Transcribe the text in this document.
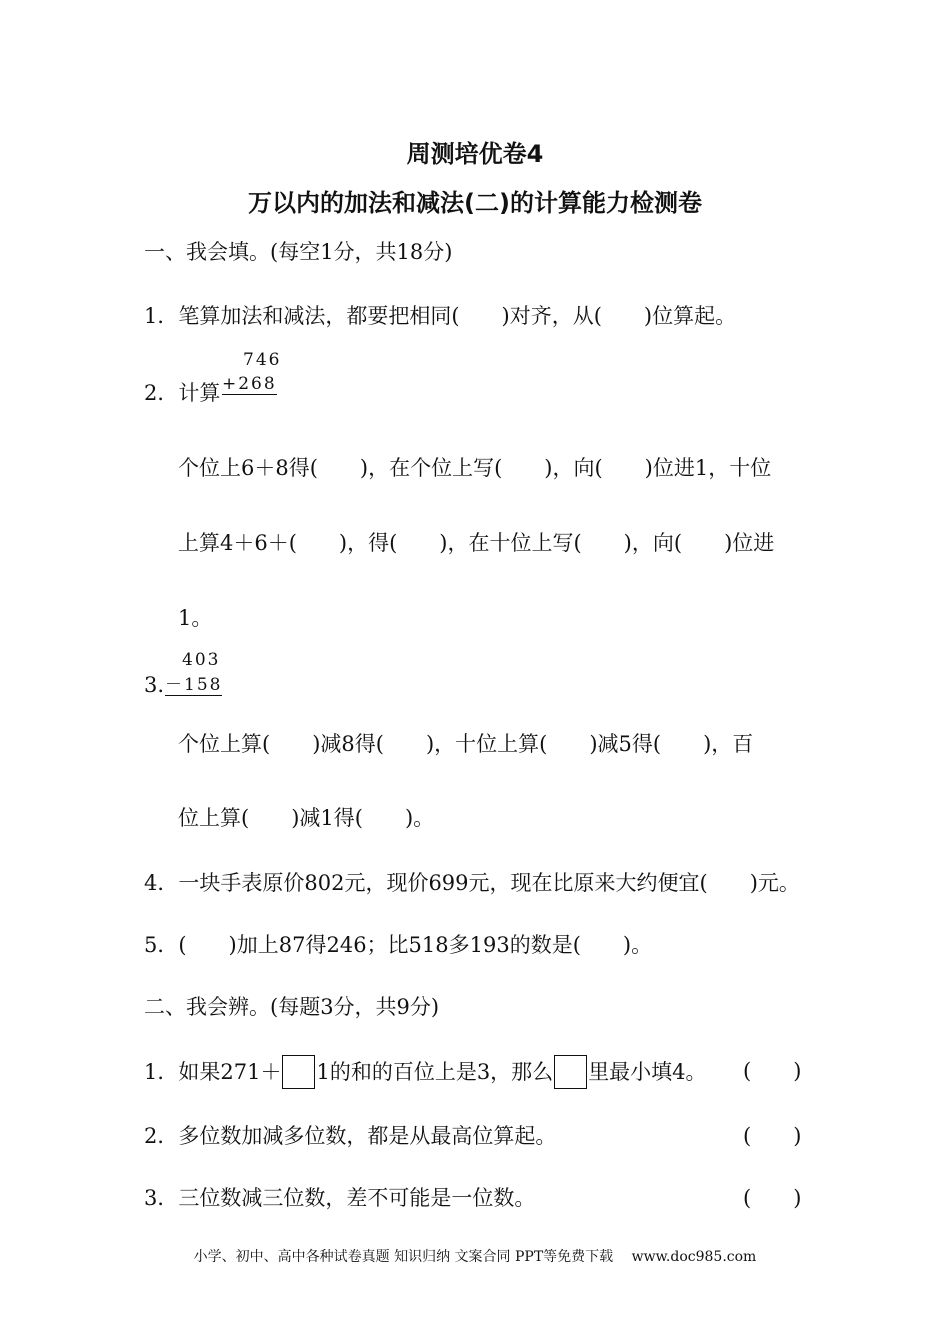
周测培优卷4
万以内的加法和减法(二)的计算能力检测卷
一、我会填。(每空1分，共18分)
1．笔算加法和减法，都要把相同(　　)对齐，从(　　)位算起。
746
+268
2．计算
个位上6＋8得(　　)，在个位上写(　　)，向(　　)位进1，十位
上算4＋6＋(　　)，得(　　)，在十位上写(　　)，向(　　)位进
1。
403
－158
3.
个位上算(　　)减8得(　　)，十位上算(　　)减5得(　　)，百
位上算(　　)减1得(　　)。
4．一块手表原价802元，现价699元，现在比原来大约便宜(　　)元。
5．(　　)加上87得246；比518多193的数是(　　)。
二、我会辨。(每题3分，共9分)
1．如果271＋ 1的和的百位上是3，那么 里最小填4。 (　　)
2．多位数加减多位数，都是从最高位算起。	(　　)
3．三位数减三位数，差不可能是一位数。	(　　)
小学、初中、高中各种试卷真题 知识归纳 文案合同 PPT等免费下载　 www.doc985.com
